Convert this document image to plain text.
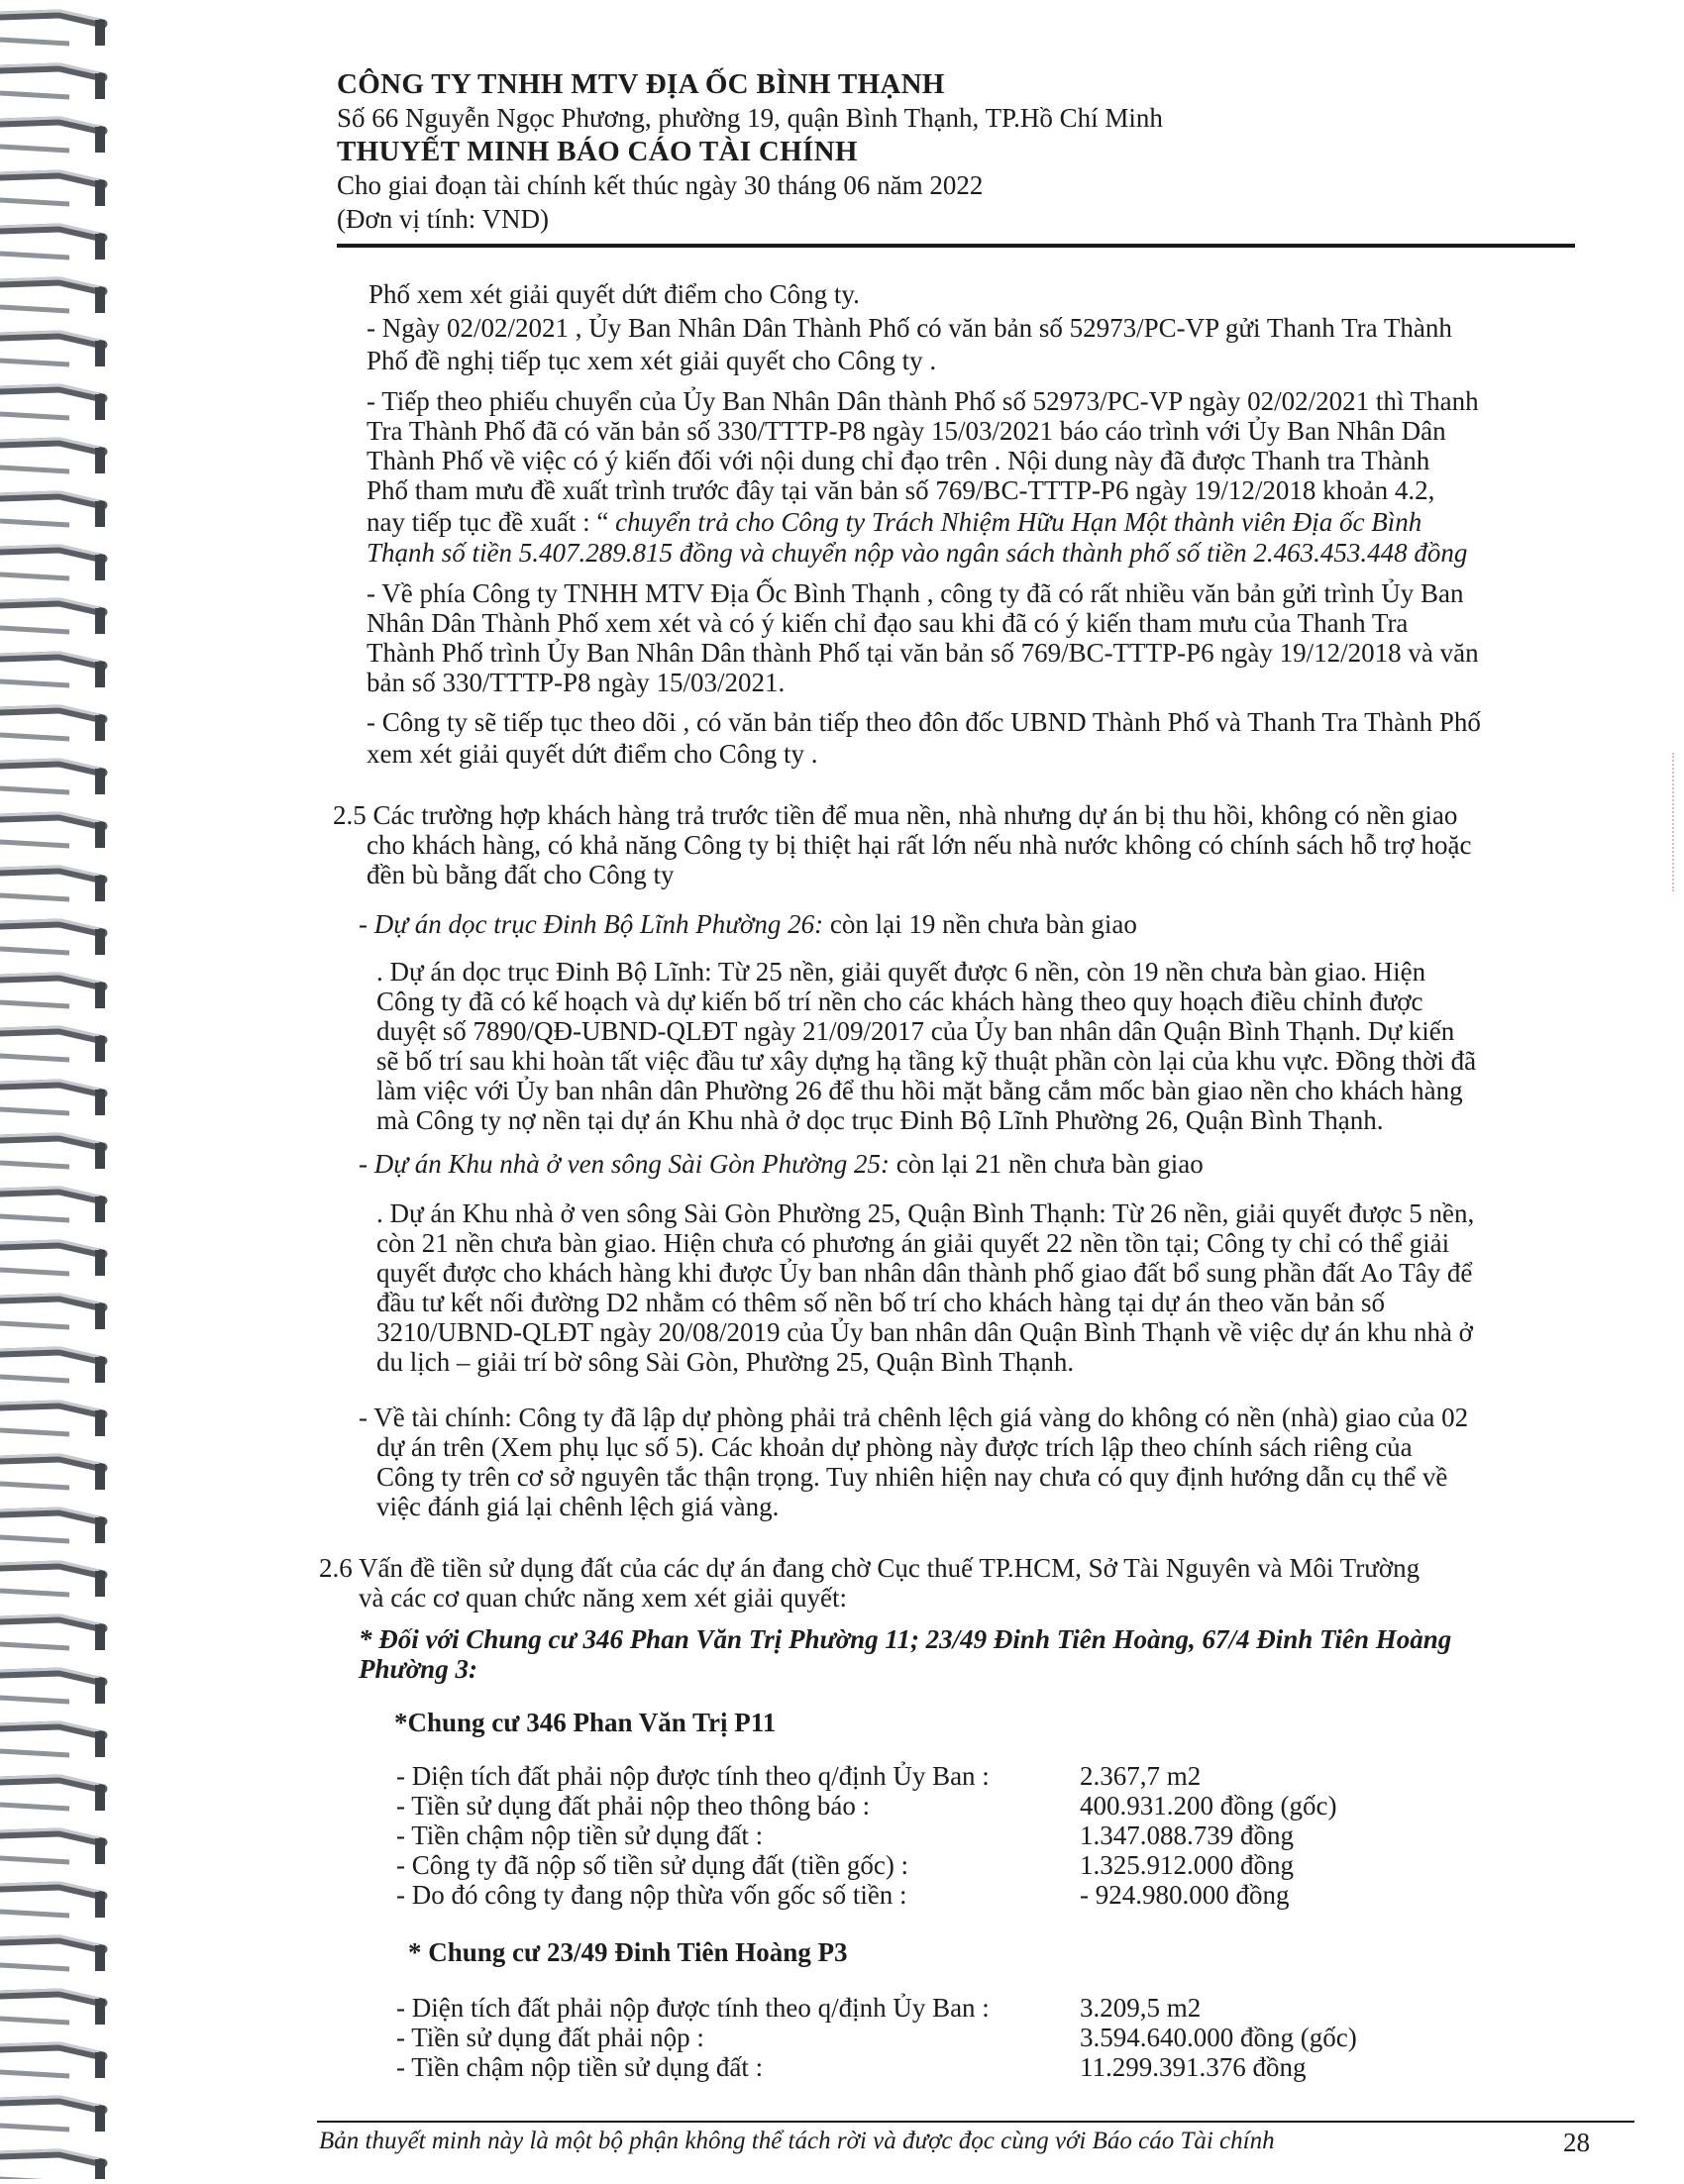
CÔNG TY TNHH MTV ĐỊA ỐC BÌNH THẠNH
Số 66 Nguyễn Ngọc Phương, phường 19, quận Bình Thạnh, TP.Hồ Chí Minh
THUYẾT MINH BÁO CÁO TÀI CHÍNH
Cho giai đoạn tài chính kết thúc ngày 30 tháng 06 năm 2022
(Đơn vị tính: VND)
Phố xem xét giải quyết dứt điểm cho Công ty.
- Ngày 02/02/2021 , Ủy Ban Nhân Dân Thành Phố có văn bản số 52973/PC-VP gửi Thanh Tra Thành
Phố đề nghị tiếp tục xem xét giải quyết cho Công ty .
- Tiếp theo phiếu chuyển của Ủy Ban Nhân Dân thành Phố số 52973/PC-VP ngày 02/02/2021 thì Thanh
Tra Thành Phố đã có văn bản số 330/TTTP-P8 ngày 15/03/2021 báo cáo trình với Ủy Ban Nhân Dân
Thành Phố về việc có ý kiến đối với nội dung chỉ đạo trên . Nội dung này đã được Thanh tra Thành
Phố tham mưu đề xuất trình trước đây tại văn bản số 769/BC-TTTP-P6 ngày 19/12/2018 khoản 4.2,
nay tiếp tục đề xuất : “ chuyển trả cho Công ty Trách Nhiệm Hữu Hạn Một thành viên Địa ốc Bình
Thạnh số tiền 5.407.289.815 đồng và chuyển nộp vào ngân sách thành phố số tiền 2.463.453.448 đồng
- Về phía Công ty TNHH MTV Địa Ốc Bình Thạnh , công ty đã có rất nhiều văn bản gửi trình Ủy Ban
Nhân Dân Thành Phố xem xét và có ý kiến chỉ đạo sau khi đã có ý kiến tham mưu của Thanh Tra
Thành Phố trình Ủy Ban Nhân Dân thành Phố tại văn bản số 769/BC-TTTP-P6 ngày 19/12/2018 và văn
bản số 330/TTTP-P8 ngày 15/03/2021.
- Công ty sẽ tiếp tục theo dõi , có văn bản tiếp theo đôn đốc UBND Thành Phố và Thanh Tra Thành Phố
xem xét giải quyết dứt điểm cho Công ty .
2.5 Các trường hợp khách hàng trả trước tiền để mua nền, nhà nhưng dự án bị thu hồi, không có nền giao
cho khách hàng, có khả năng Công ty bị thiệt hại rất lớn nếu nhà nước không có chính sách hỗ trợ hoặc
đền bù bằng đất cho Công ty
- Dự án dọc trục Đinh Bộ Lĩnh Phường 26: còn lại 19 nền chưa bàn giao
. Dự án dọc trục Đinh Bộ Lĩnh: Từ 25 nền, giải quyết được 6 nền, còn 19 nền chưa bàn giao. Hiện
Công ty đã có kế hoạch và dự kiến bố trí nền cho các khách hàng theo quy hoạch điều chỉnh được
duyệt số 7890/QĐ-UBND-QLĐT ngày 21/09/2017 của Ủy ban nhân dân Quận Bình Thạnh. Dự kiến
sẽ bố trí sau khi hoàn tất việc đầu tư xây dựng hạ tầng kỹ thuật phần còn lại của khu vực. Đồng thời đã
làm việc với Ủy ban nhân dân Phường 26 để thu hồi mặt bằng cắm mốc bàn giao nền cho khách hàng
mà Công ty nợ nền tại dự án Khu nhà ở dọc trục Đinh Bộ Lĩnh Phường 26, Quận Bình Thạnh.
- Dự án Khu nhà ở ven sông Sài Gòn Phường 25: còn lại 21 nền chưa bàn giao
. Dự án Khu nhà ở ven sông Sài Gòn Phường 25, Quận Bình Thạnh: Từ 26 nền, giải quyết được 5 nền,
còn 21 nền chưa bàn giao. Hiện chưa có phương án giải quyết 22 nền tồn tại; Công ty chỉ có thể giải
quyết được cho khách hàng khi được Ủy ban nhân dân thành phố giao đất bổ sung phần đất Ao Tây để
đầu tư kết nối đường D2 nhằm có thêm số nền bố trí cho khách hàng tại dự án theo văn bản số
3210/UBND-QLĐT ngày 20/08/2019 của Ủy ban nhân dân Quận Bình Thạnh về việc dự án khu nhà ở
du lịch – giải trí bờ sông Sài Gòn, Phường 25, Quận Bình Thạnh.
- Về tài chính: Công ty đã lập dự phòng phải trả chênh lệch giá vàng do không có nền (nhà) giao của 02
dự án trên (Xem phụ lục số 5). Các khoản dự phòng này được trích lập theo chính sách riêng của
Công ty trên cơ sở nguyên tắc thận trọng. Tuy nhiên hiện nay chưa có quy định hướng dẫn cụ thể về
việc đánh giá lại chênh lệch giá vàng.
2.6 Vấn đề tiền sử dụng đất của các dự án đang chờ Cục thuế TP.HCM, Sở Tài Nguyên và Môi Trường
và các cơ quan chức năng xem xét giải quyết:
* Đối với Chung cư 346 Phan Văn Trị Phường 11; 23/49 Đinh Tiên Hoàng, 67/4 Đinh Tiên Hoàng
Phường 3:
*Chung cư 346 Phan Văn Trị P11
- Diện tích đất phải nộp được tính theo q/định Ủy Ban :	2.367,7 m2
- Tiền sử dụng đất phải nộp theo thông báo :	400.931.200 đồng (gốc)
- Tiền chậm nộp tiền sử dụng đất :	1.347.088.739 đồng
- Công ty đã nộp số tiền sử dụng đất (tiền gốc) :	1.325.912.000 đồng
- Do đó công ty đang nộp thừa vốn gốc số tiền :	- 924.980.000 đồng
* Chung cư 23/49 Đinh Tiên Hoàng P3
- Diện tích đất phải nộp được tính theo q/định Ủy Ban :	3.209,5 m2
- Tiền sử dụng đất phải nộp :	3.594.640.000 đồng (gốc)
- Tiền chậm nộp tiền sử dụng đất :	11.299.391.376 đồng
Bản thuyết minh này là một bộ phận không thể tách rời và được đọc cùng với Báo cáo Tài chính	28
